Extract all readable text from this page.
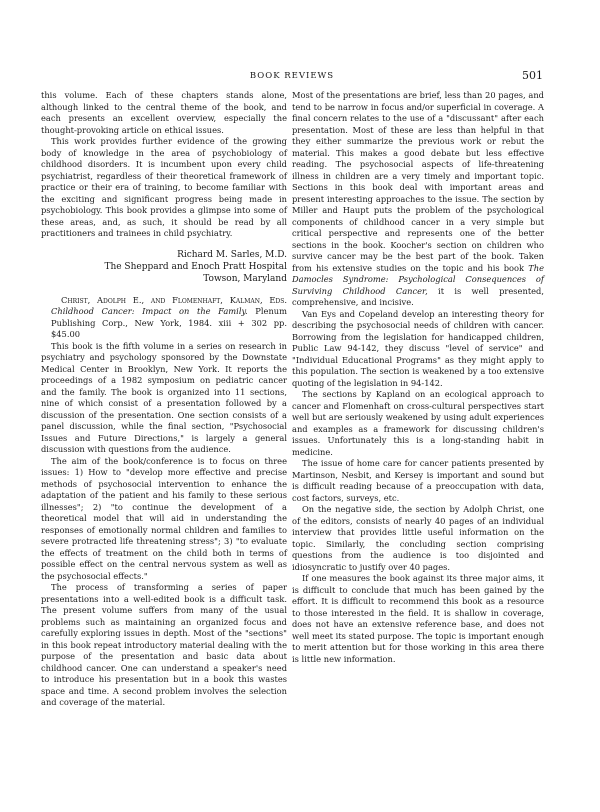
BOOK REVIEWS	501

this volume. Each of these chapters stands alone, although linked to the central theme of the book, and each presents an excellent overview, especially the thought-provoking article on ethical issues.

This work provides further evidence of the growing body of knowledge in the area of psychobiology of childhood disorders. It is incumbent upon every child psychiatrist, regardless of their theoretical framework of practice or their era of training, to become familiar with the exciting and significant progress being made in psychobiology. This book provides a glimpse into some of these areas, and, as such, it should be read by all practitioners and trainees in child psychiatry.

Richard M. Sarles, M.D.
The Sheppard and Enoch Pratt Hospital
Towson, Maryland

Christ, Adolph E., and Flomenhaft, Kalman, Eds. Childhood Cancer: Impact on the Family. Plenum Publishing Corp., New York, 1984. xiii + 302 pp. $45.00

This book is the fifth volume in a series on research in psychiatry and psychology sponsored by the Downstate Medical Center in Brooklyn, New York. It reports the proceedings of a 1982 symposium on pediatric cancer and the family. The book is organized into 11 sections, nine of which consist of a presentation followed by a discussion of the presentation. One section consists of a panel discussion, while the final section, "Psychosocial Issues and Future Directions," is largely a general discussion with questions from the audience.

The aim of the book/conference is to focus on three issues: 1) How to "develop more effective and precise methods of psychosocial intervention to enhance the adaptation of the patient and his family to these serious illnesses"; 2) "to continue the development of a theoretical model that will aid in understanding the responses of emotionally normal children and families to severe protracted life threatening stress"; 3) "to evaluate the effects of treatment on the child both in terms of possible effect on the central nervous system as well as the psychosocial effects."

The process of transforming a series of paper presentations into a well-edited book is a difficult task. The present volume suffers from many of the usual problems such as maintaining an organized focus and carefully exploring issues in depth. Most of the "sections" in this book repeat introductory material dealing with the purpose of the presentation and basic data about childhood cancer. One can understand a speaker's need to introduce his presentation but in a book this wastes space and time. A second problem involves the selection and coverage of the material.

Most of the presentations are brief, less than 20 pages, and tend to be narrow in focus and/or superficial in coverage. A final concern relates to the use of a "discussant" after each presentation. Most of these are less than helpful in that they either summarize the previous work or rebut the material. This makes a good debate but less effective reading. The psychosocial aspects of life-threatening illness in children are a very timely and important topic. Sections in this book deal with important areas and present interesting approaches to the issue. The section by Miller and Haupt puts the problem of the psychological components of childhood cancer in a very simple but critical perspective and represents one of the better sections in the book. Koocher's section on children who survive cancer may be the best part of the book. Taken from his extensive studies on the topic and his book The Damocles Syndrome: Psychological Consequences of Surviving Childhood Cancer, it is well presented, comprehensive, and incisive.

Van Eys and Copeland develop an interesting theory for describing the psychosocial needs of children with cancer. Borrowing from the legislation for handicapped children, Public Law 94-142, they discuss "level of service" and "Individual Educational Programs" as they might apply to this population. The section is weakened by a too extensive quoting of the legislation in 94-142.

The sections by Kapland on an ecological approach to cancer and Flomenhaft on cross-cultural perspectives start well but are seriously weakened by using adult experiences and examples as a framework for discussing children's issues. Unfortunately this is a long-standing habit in medicine.

The issue of home care for cancer patients presented by Martinson, Nesbit, and Kersey is important and sound but is difficult reading because of a preoccupation with data, cost factors, surveys, etc.

On the negative side, the section by Adolph Christ, one of the editors, consists of nearly 40 pages of an individual interview that provides little useful information on the topic. Similarly, the concluding section comprising questions from the audience is too disjointed and idiosyncratic to justify over 40 pages.

If one measures the book against its three major aims, it is difficult to conclude that much has been gained by the effort. It is difficult to recommend this book as a resource to those interested in the field. It is shallow in coverage, does not have an extensive reference base, and does not well meet its stated purpose. The topic is important enough to merit attention but for those working in this area there is little new information.
